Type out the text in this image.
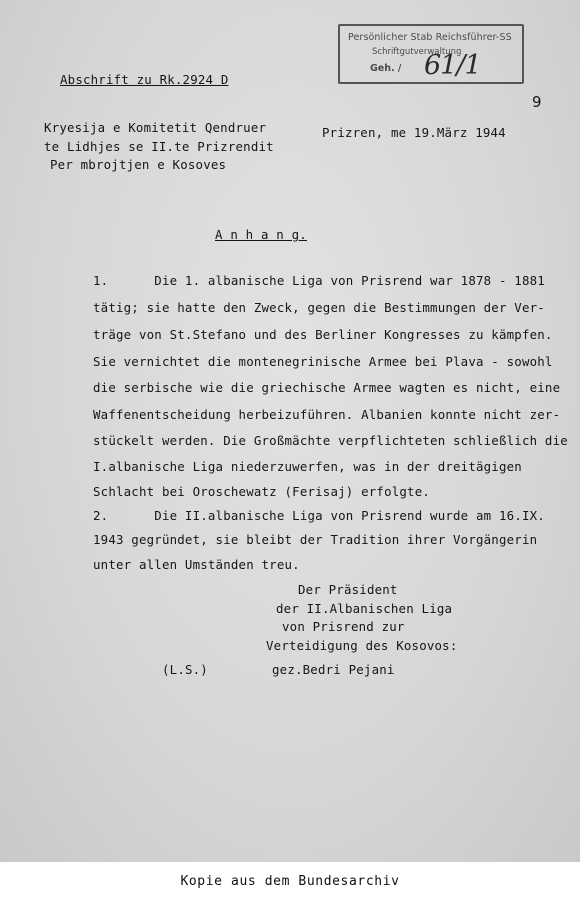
Persönlicher Stab Reichsführer-SS
Schriftgutverwaltung
Geh. / 61/1
9
Abschrift zu Rk.2924 D
Kryesija e Komitetit Qendruer
te Lidhjes se II.te Prizrendit
Per mbrojtjen e Kosoves
Prizren, me 19.März 1944
A n h a n g.
1.      Die 1. albanische Liga von Prisrend war 1878 - 1881
tätig; sie hatte den Zweck, gegen die Bestimmungen der Ver-
träge von St.Stefano und des Berliner Kongresses zu kämpfen.
Sie vernichtet die montenegrinische Armee bei Plava - sowohl
die serbische wie die griechische Armee wagten es nicht, eine
Waffenentscheidung herbeizuführen. Albanien konnte nicht zer-
stückelt werden. Die Großmächte verpflichteten schließlich die
I.albanische Liga niederzuwerfen, was in der dreitägigen
Schlacht bei Oroschewatz (Ferisaj) erfolgte.
2.      Die II.albanische Liga von Prisrend wurde am 16.IX.
1943 gegründet, sie bleibt der Tradition ihrer Vorgängerin
unter allen Umständen treu.
Der Präsident
der II.Albanischen Liga
von Prisrend zur
Verteidigung des Kosovos:
(L.S.)	gez.Bedri Pejani
Kopie aus dem Bundesarchiv
